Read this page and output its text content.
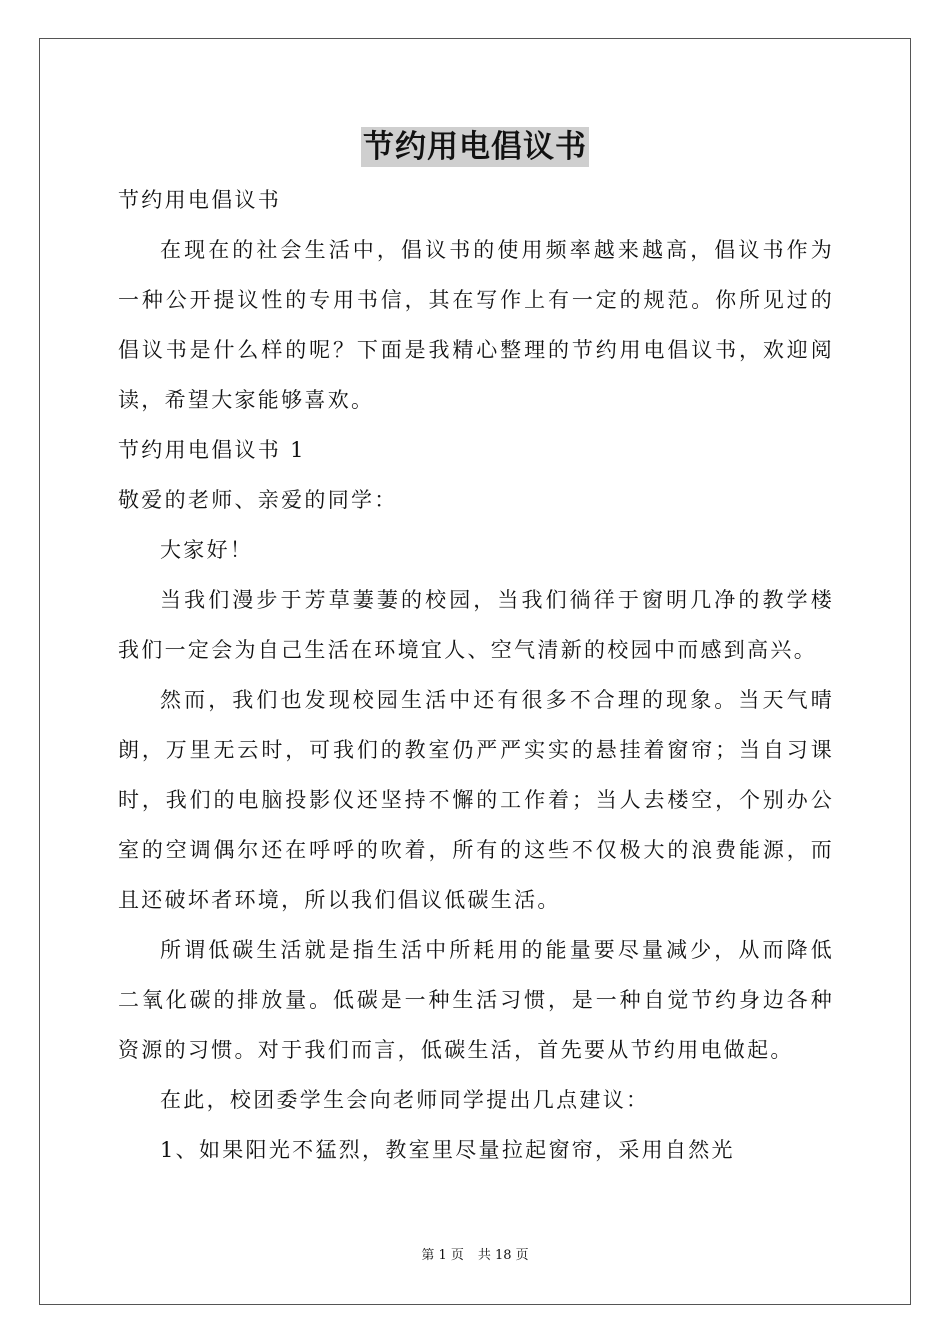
节约用电倡议书

节约用电倡议书

在现在的社会生活中，倡议书的使用频率越来越高，倡议书作为一种公开提议性的专用书信，其在写作上有一定的规范。你所见过的倡议书是什么样的呢？下面是我精心整理的节约用电倡议书，欢迎阅读，希望大家能够喜欢。

节约用电倡议书 1

敬爱的老师、亲爱的同学：

大家好！

当我们漫步于芳草萋萋的校园，当我们徜徉于窗明几净的教学楼我们一定会为自己生活在环境宜人、空气清新的校园中而感到高兴。

然而，我们也发现校园生活中还有很多不合理的现象。当天气晴朗，万里无云时，可我们的教室仍严严实实的悬挂着窗帘；当自习课时，我们的电脑投影仪还坚持不懈的工作着；当人去楼空，个别办公室的空调偶尔还在呼呼的吹着，所有的这些不仅极大的浪费能源，而且还破坏者环境，所以我们倡议低碳生活。

所谓低碳生活就是指生活中所耗用的能量要尽量减少，从而降低二氧化碳的排放量。低碳是一种生活习惯，是一种自觉节约身边各种资源的习惯。对于我们而言，低碳生活，首先要从节约用电做起。

在此，校团委学生会向老师同学提出几点建议：

1、如果阳光不猛烈，教室里尽量拉起窗帘，采用自然光

第 1 页 共 18 页
